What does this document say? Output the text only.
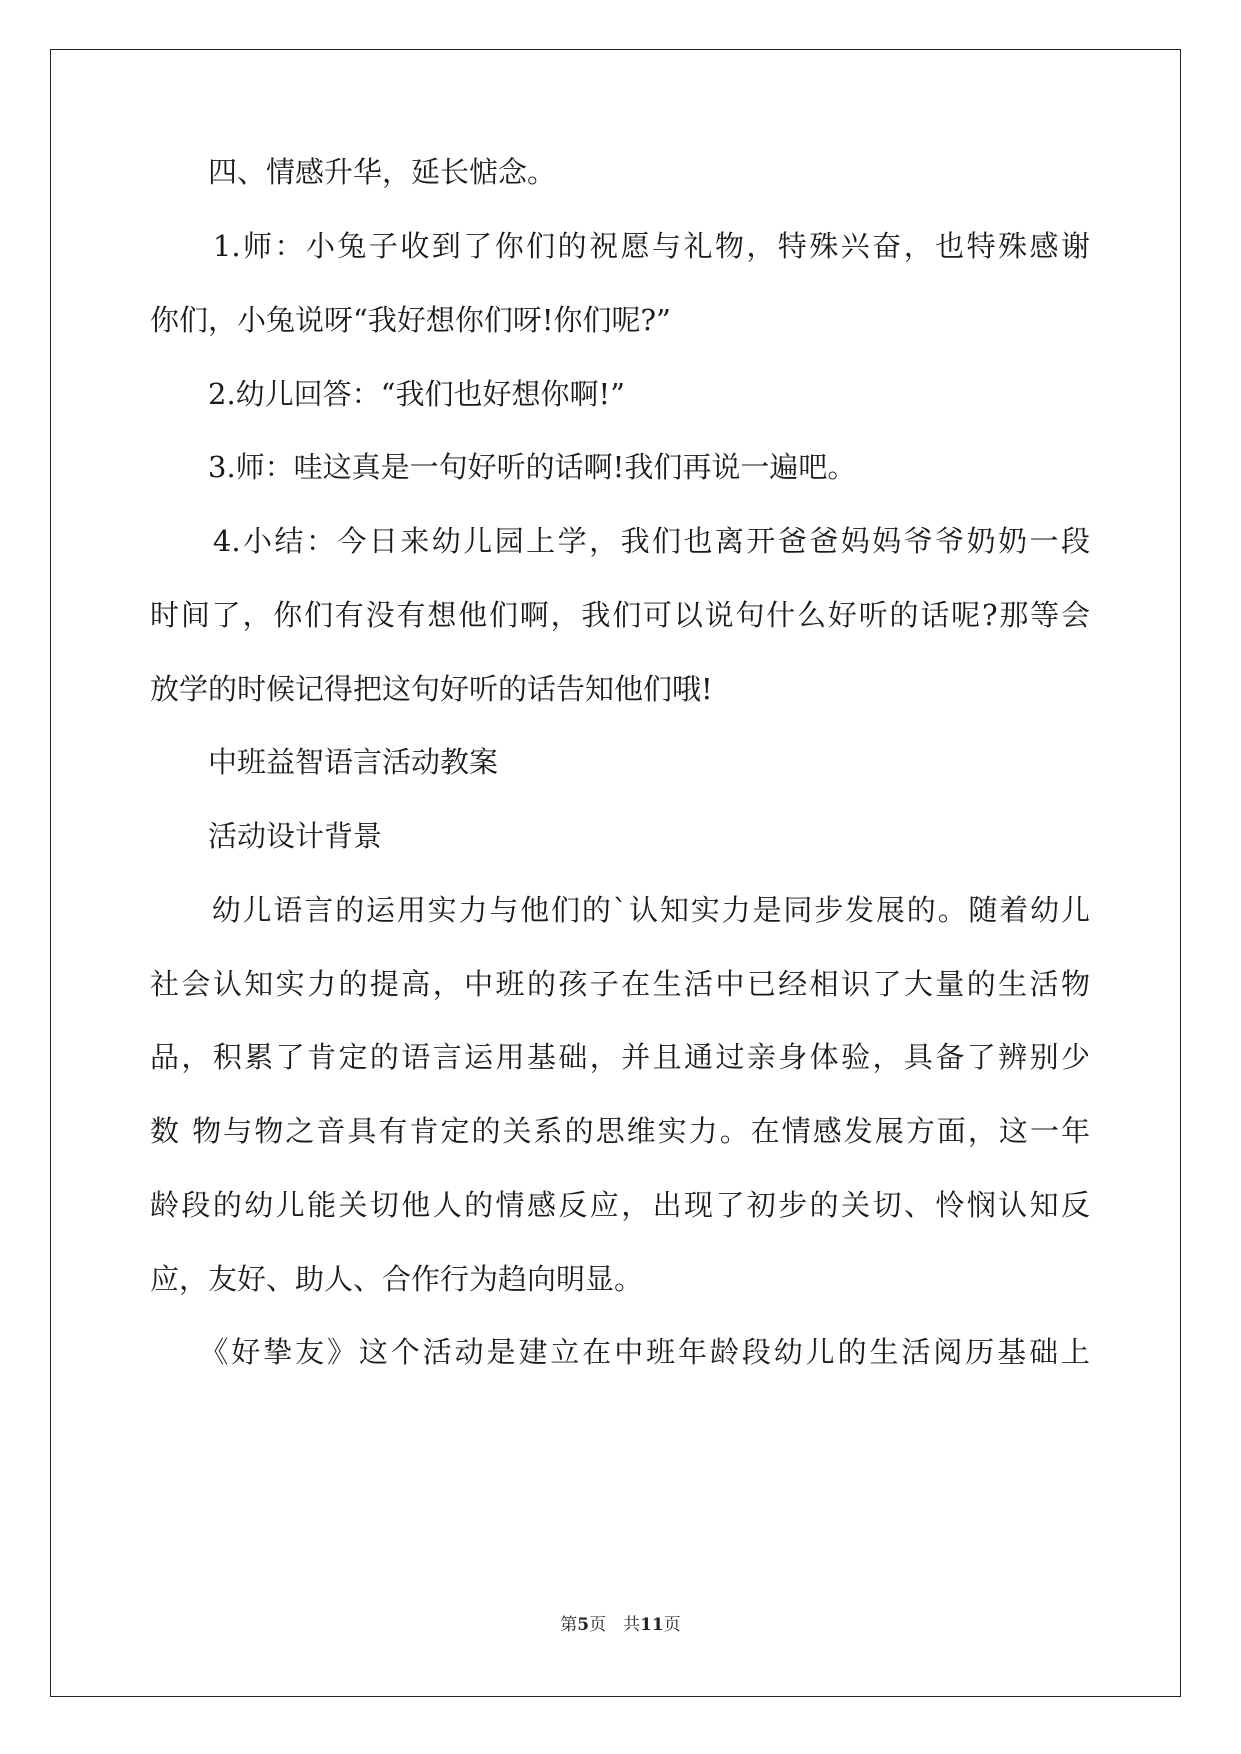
　　四、情感升华，延长惦念。

　　1.师：小兔子收到了你们的祝愿与礼物，特殊兴奋，也特殊感谢

你们，小兔说呀“我好想你们呀!你们呢?”

　　2.幼儿回答：“我们也好想你啊!”

　　3.师：哇这真是一句好听的话啊!我们再说一遍吧。

　　4.小结：今日来幼儿园上学，我们也离开爸爸妈妈爷爷奶奶一段

时间了，你们有没有想他们啊，我们可以说句什么好听的话呢?那等会

放学的时候记得把这句好听的话告知他们哦!

　　中班益智语言活动教案

　　活动设计背景

　　幼儿语言的运用实力与他们的`认知实力是同步发展的。随着幼儿

社会认知实力的提高，中班的孩子在生活中已经相识了大量的生活物

品，积累了肯定的语言运用基础，并且通过亲身体验，具备了辨别少

数 物与物之音具有肯定的关系的思维实力。在情感发展方面，这一年

龄段的幼儿能关切他人的情感反应，出现了初步的关切、怜悯认知反

应，友好、助人、合作行为趋向明显。

　　《好挚友》这个活动是建立在中班年龄段幼儿的生活阅历基础上

第5页　共11页
